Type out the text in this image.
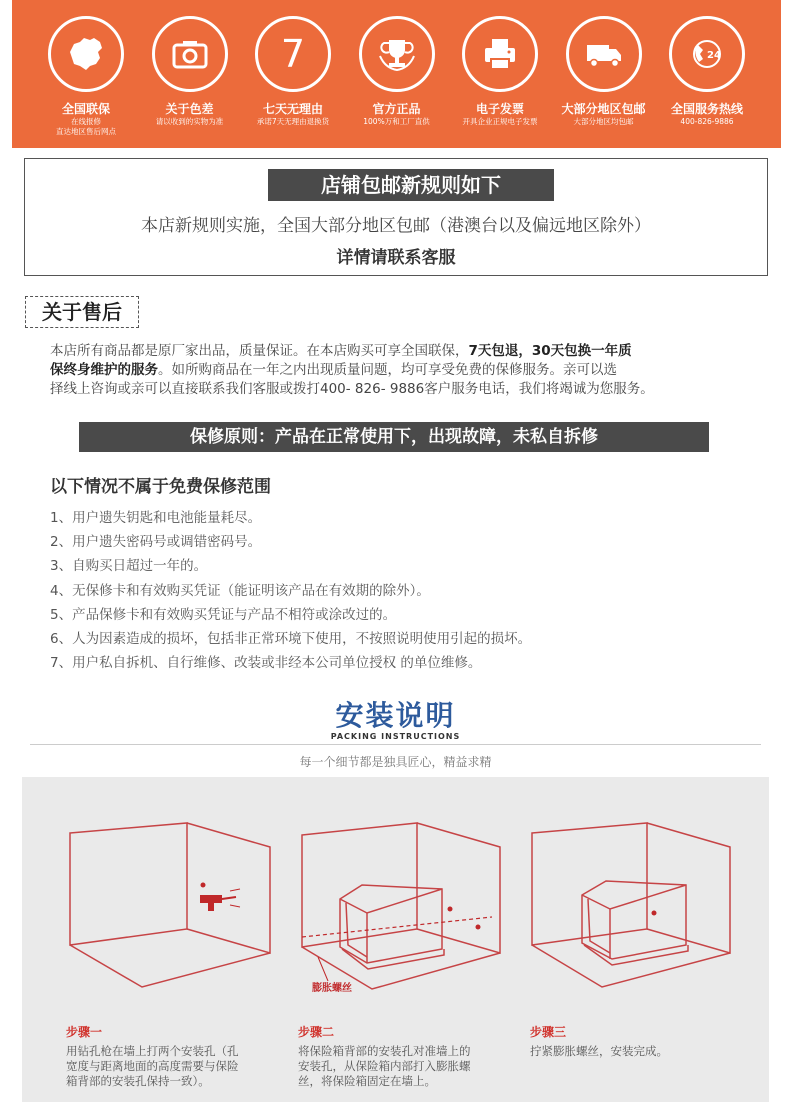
全国联保
在线报修
直达地区售后网点
关于色差
请以收到的实物为准
7
七天无理由
承诺7天无理由退换货
官方正品
100%万和工厂直供
电子发票
开具企业正规电子发票
大部分地区包邮
大部分地区均包邮
24
全国服务热线
400-826-9886
店铺包邮新规则如下
本店新规则实施，全国大部分地区包邮（港澳台以及偏远地区除外）
详情请联系客服
关于售后
本店所有商品都是原厂家出品，质量保证。在本店购买可享全国联保，7天包退，30天包换一年质
保终身维护的服务。如所购商品在一年之内出现质量问题，均可享受免费的保修服务。亲可以选
择线上咨询或亲可以直接联系我们客服或拨打400- 826- 9886客户服务电话，我们将竭诚为您服务。
保修原则：产品在正常使用下，出现故障，未私自拆修
以下情况不属于免费保修范围
1、用户遗失钥匙和电池能量耗尽。
2、用户遗失密码号或调错密码号。
3、自购买日超过一年的。
4、无保修卡和有效购买凭证（能证明该产品在有效期的除外）。
5、产品保修卡和有效购买凭证与产品不相符或涂改过的。
6、人为因素造成的损坏，包括非正常环境下使用，不按照说明使用引起的损坏。
7、用户私自拆机、自行维修、改装或非经本公司单位授权 的单位维修。
安装说明
PACKING INSTRUCTIONS
每一个细节都是独具匠心，精益求精
膨胀螺丝
步骤一
用钻孔枪在墙上打两个安装孔（孔
宽度与距离地面的高度需要与保险
箱背部的安装孔保持一致）。
步骤二
将保险箱背部的安装孔对准墙上的
安装孔，从保险箱内部打入膨胀螺
丝，将保险箱固定在墙上。
步骤三
拧紧膨胀螺丝，安装完成。
